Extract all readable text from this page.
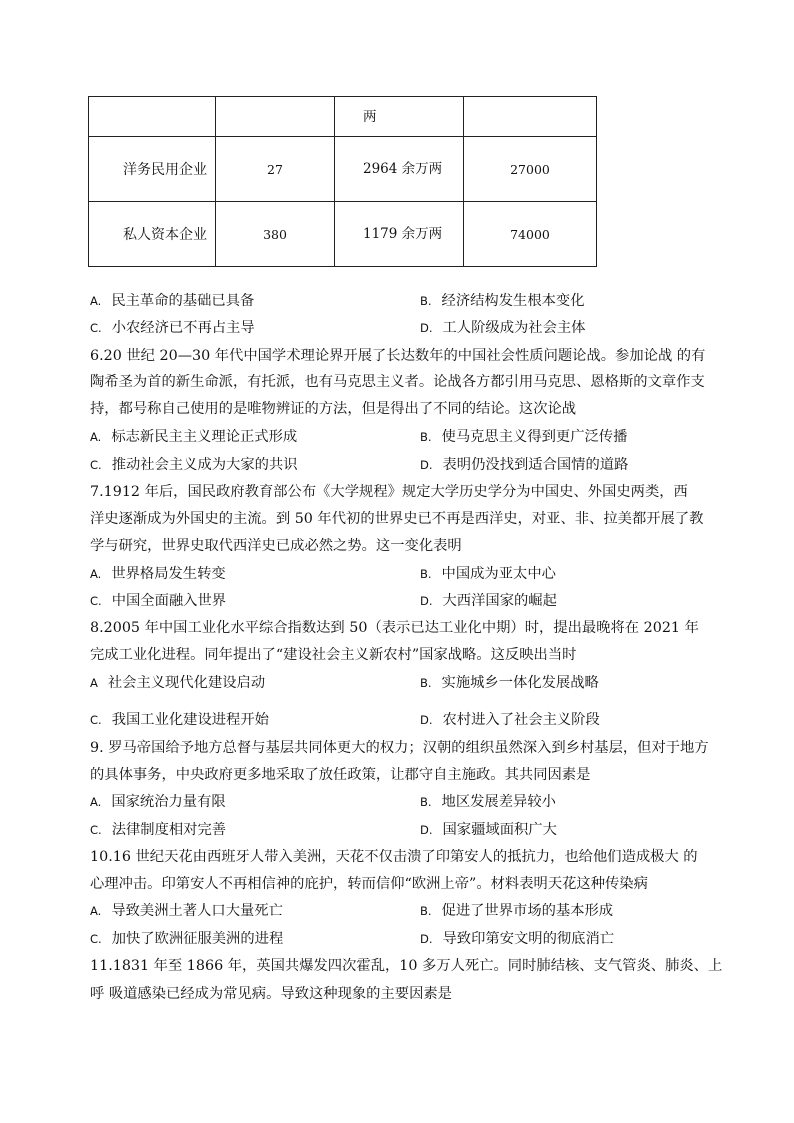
		两	
洋务民用企业	27	2964 余万两	27000
私人资本企业	380	1179 余万两	74000
A. 民主革命的基础已具备	B. 经济结构发生根本变化
C. 小农经济已不再占主导	D. 工人阶级成为社会主体
6.20 世纪 20—30 年代中国学术理论界开展了长达数年的中国社会性质问题论战。参加论战 的有
陶希圣为首的新生命派，有托派，也有马克思主义者。论战各方都引用马克思、恩格斯的文章作支
持，都号称自己使用的是唯物辨证的方法，但是得出了不同的结论。这次论战
A. 标志新民主主义理论正式形成	B. 使马克思主义得到更广泛传播
C. 推动社会主义成为大家的共识	D. 表明仍没找到适合国情的道路
7.1912 年后，国民政府教育部公布《大学规程》规定大学历史学分为中国史、外国史两类，西
洋史逐渐成为外国史的主流。到 50 年代初的世界史已不再是西洋史，对亚、非、拉美都开展了教
学与研究，世界史取代西洋史已成必然之势。这一变化表明
A. 世界格局发生转变	B. 中国成为亚太中心
C. 中国全面融入世界	D. 大西洋国家的崛起
8.2005 年中国工业化水平综合指数达到 50（表示已达工业化中期）时，提出最晚将在 2021 年
完成工业化进程。同年提出了“建设社会主义新农村”国家战略。这反映出当时
A 社会主义现代化建设启动	B. 实施城乡一体化发展战略
C. 我国工业化建设进程开始	D. 农村进入了社会主义阶段
9. 罗马帝国给予地方总督与基层共同体更大的权力；汉朝的组织虽然深入到乡村基层，但对于地方
的具体事务，中央政府更多地采取了放任政策，让郡守自主施政。其共同因素是
A. 国家统治力量有限	B. 地区发展差异较小
C. 法律制度相对完善	D. 国家疆域面积广大
10.16 世纪天花由西班牙人带入美洲，天花不仅击溃了印第安人的抵抗力，也给他们造成极大 的
心理冲击。印第安人不再相信神的庇护，转而信仰“欧洲上帝”。材料表明天花这种传染病
A. 导致美洲土著人口大量死亡	B. 促进了世界市场的基本形成
C. 加快了欧洲征服美洲的进程	D. 导致印第安文明的彻底消亡
11.1831 年至 1866 年，英国共爆发四次霍乱，10 多万人死亡。同时肺结核、支气管炎、肺炎、上
呼 吸道感染已经成为常见病。导致这种现象的主要因素是
